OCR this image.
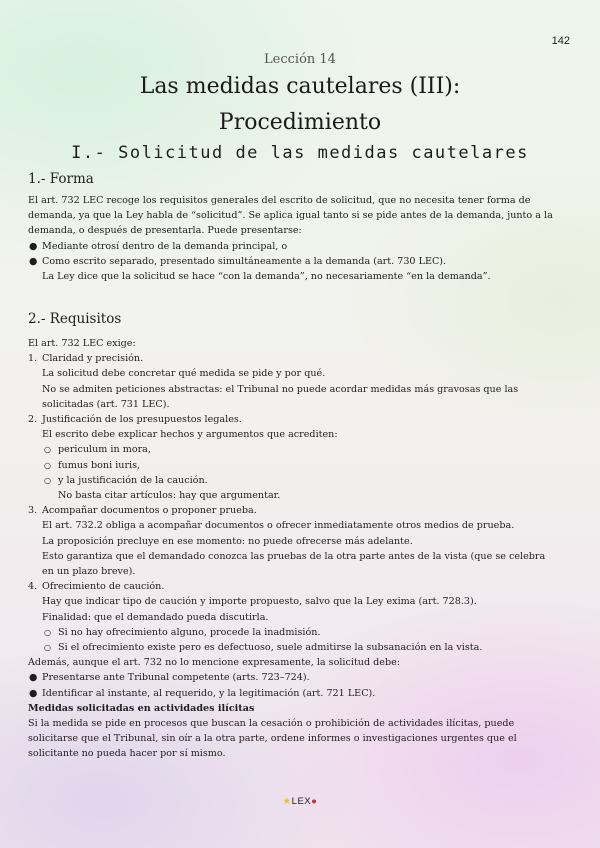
142
Lección 14
Las medidas cautelares (III):
Procedimiento
I.- Solicitud de las medidas cautelares
1.- Forma
El art. 732 LEC recoge los requisitos generales del escrito de solicitud, que no necesita tener forma de
demanda, ya que la Ley habla de “solicitud”. Se aplica igual tanto si se pide antes de la demanda, junto a la
demanda, o después de presentarla. Puede presentarse:
● Mediante otrosí dentro de la demanda principal, o
● Como escrito separado, presentado simultáneamente a la demanda (art. 730 LEC).
La Ley dice que la solicitud se hace “con la demanda”, no necesariamente “en la demanda”.
2.- Requisitos
El art. 732 LEC exige:
1. Claridad y precisión.
La solicitud debe concretar qué medida se pide y por qué.
No se admiten peticiones abstractas: el Tribunal no puede acordar medidas más gravosas que las
solicitadas (art. 731 LEC).
2. Justificación de los presupuestos legales.
El escrito debe explicar hechos y argumentos que acrediten:
○ periculum in mora,
○ fumus boni iuris,
○ y la justificación de la caución.
No basta citar artículos: hay que argumentar.
3. Acompañar documentos o proponer prueba.
El art. 732.2 obliga a acompañar documentos o ofrecer inmediatamente otros medios de prueba.
La proposición precluye en ese momento: no puede ofrecerse más adelante.
Esto garantiza que el demandado conozca las pruebas de la otra parte antes de la vista (que se celebra
en un plazo breve).
4. Ofrecimiento de caución.
Hay que indicar tipo de caución y importe propuesto, salvo que la Ley exima (art. 728.3).
Finalidad: que el demandado pueda discutirla.
○ Si no hay ofrecimiento alguno, procede la inadmisión.
○ Si el ofrecimiento existe pero es defectuoso, suele admitirse la subsanación en la vista.
Además, aunque el art. 732 no lo mencione expresamente, la solicitud debe:
● Presentarse ante Tribunal competente (arts. 723–724).
● Identificar al instante, al requerido, y la legitimación (art. 721 LEC).
Medidas solicitadas en actividades ilícitas
Si la medida se pide en procesos que buscan la cesación o prohibición de actividades ilícitas, puede
solicitarse que el Tribunal, sin oír a la otra parte, ordene informes o investigaciones urgentes que el
solicitante no pueda hacer por sí mismo.
★LEX●
